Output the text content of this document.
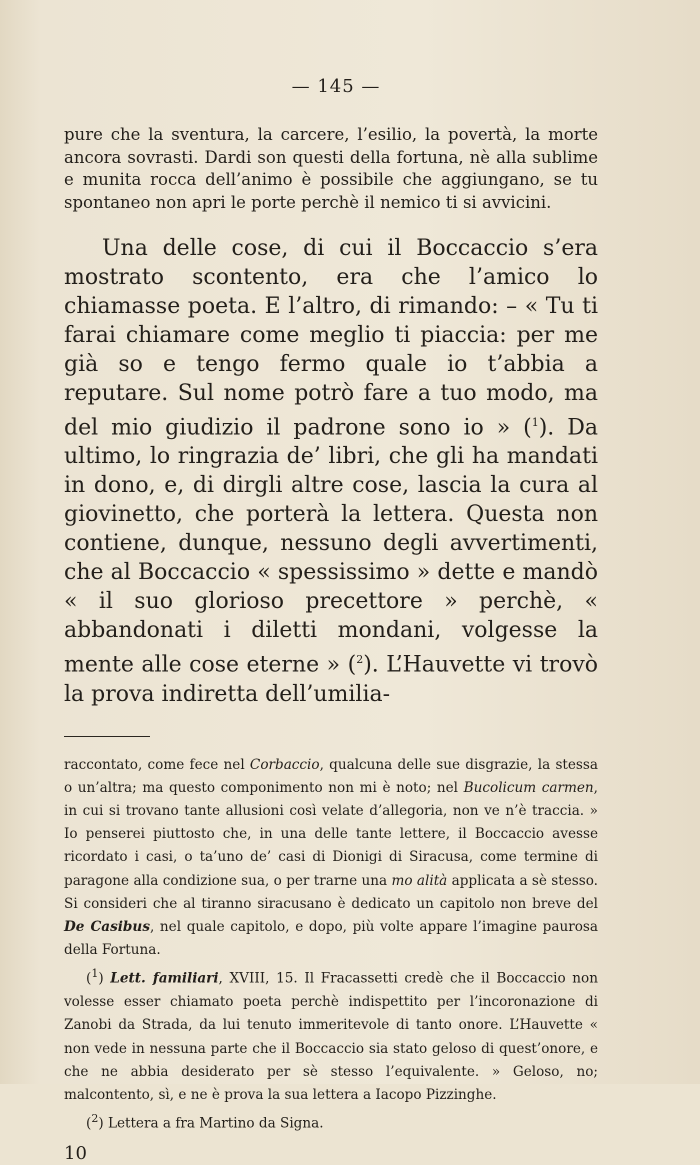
— 145 —

pure che la sventura, la carcere, l’esilio, la povertà, la morte ancora sovrasti. Dardi son questi della fortuna, nè alla sublime e munita rocca dell’animo è possibile che aggiungano, se tu spontaneo non apri le porte perchè il nemico ti si avvicini.

Una delle cose, di cui il Boccaccio s’era mostrato scontento, era che l’amico lo chiamasse poeta. E l’altro, di rimando: – « Tu ti farai chiamare come meglio ti piaccia: per me già so e tengo fermo quale io t’abbia a reputare. Sul nome potrò fare a tuo modo, ma del mio giudizio il padrone sono io » ($^1$). Da ultimo, lo ringrazia de’ libri, che gli ha mandati in dono, e, di dirgli altre cose, lascia la cura al giovinetto, che porterà la lettera. Questa non contiene, dunque, nessuno degli avvertimenti, che al Boccaccio « spessissimo » dette e mandò « il suo glorioso precettore » perchè, « abbandonati i diletti mondani, volgesse la mente alle cose eterne » ($^2$). L’Hauvette vi trovò la prova indiretta dell’umilia-

raccontato, come fece nel Corbaccio, qualcuna delle sue disgrazie, la stessa o un’altra; ma questo componimento non mi è noto; nel Bucolicum carmen, in cui si trovano tante allusioni così velate d’allegoria, non ve n’è traccia. » Io penserei piuttosto che, in una delle tante lettere, il Boccaccio avesse ricordato i casi, o ta’uno de’ casi di Dionigi di Siracusa, come termine di paragone alla condizione sua, o per trarne una mo alità applicata a sè stesso. Si consideri che al tiranno siracusano è dedicato un capitolo non breve del De Casibus, nel quale capitolo, e dopo, più volte appare l’imagine paurosa della Fortuna.

($^1$) Lett. familiari, XVIII, 15. Il Fracassetti credè che il Boccaccio non volesse esser chiamato poeta perchè indispettito per l’incoronazione di Zanobi da Strada, da lui tenuto immeritevole di tanto onore. L’Hauvette « non vede in nessuna parte che il Boccaccio sia stato geloso di quest’onore, e che ne abbia desiderato per sè stesso l’equivalente. » Geloso, no; malcontento, sì, e ne è prova la sua lettera a Iacopo Pizzinghe.

($^2$) Lettera a fra Martino da Signa.

10
